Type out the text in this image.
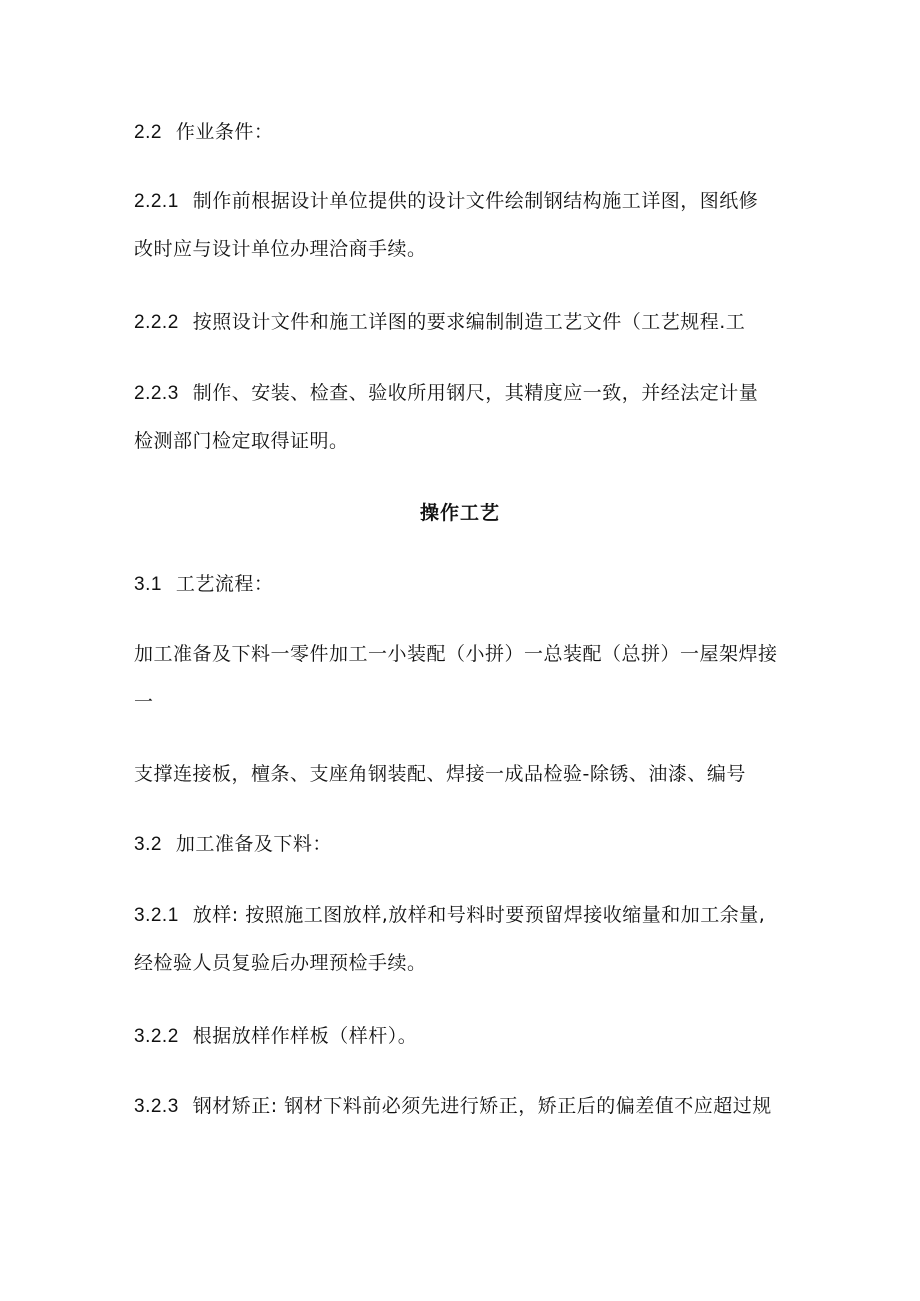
2.2 作业条件：
2.2.1 制作前根据设计单位提供的设计文件绘制钢结构施工详图，图纸修
改时应与设计单位办理洽商手续。
2.2.2 按照设计文件和施工详图的要求编制制造工艺文件（工艺规程.工
2.2.3 制作、安装、检查、验收所用钢尺，其精度应一致，并经法定计量
检测部门检定取得证明。
操作工艺
3.1 工艺流程：
加工准备及下料一零件加工一小装配（小拼）一总装配（总拼）一屋架焊接
一
支撑连接板，檀条、支座角钢装配、焊接一成品检验-除锈、油漆、编号
3.2 加工准备及下料：
3.2.1 放样: 按照施工图放样,放样和号料时要预留焊接收缩量和加工余量,
经检验人员复验后办理预检手续。
3.2.2 根据放样作样板（样杆）。
3.2.3 钢材矫正: 钢材下料前必须先进行矫正，矫正后的偏差值不应超过规
